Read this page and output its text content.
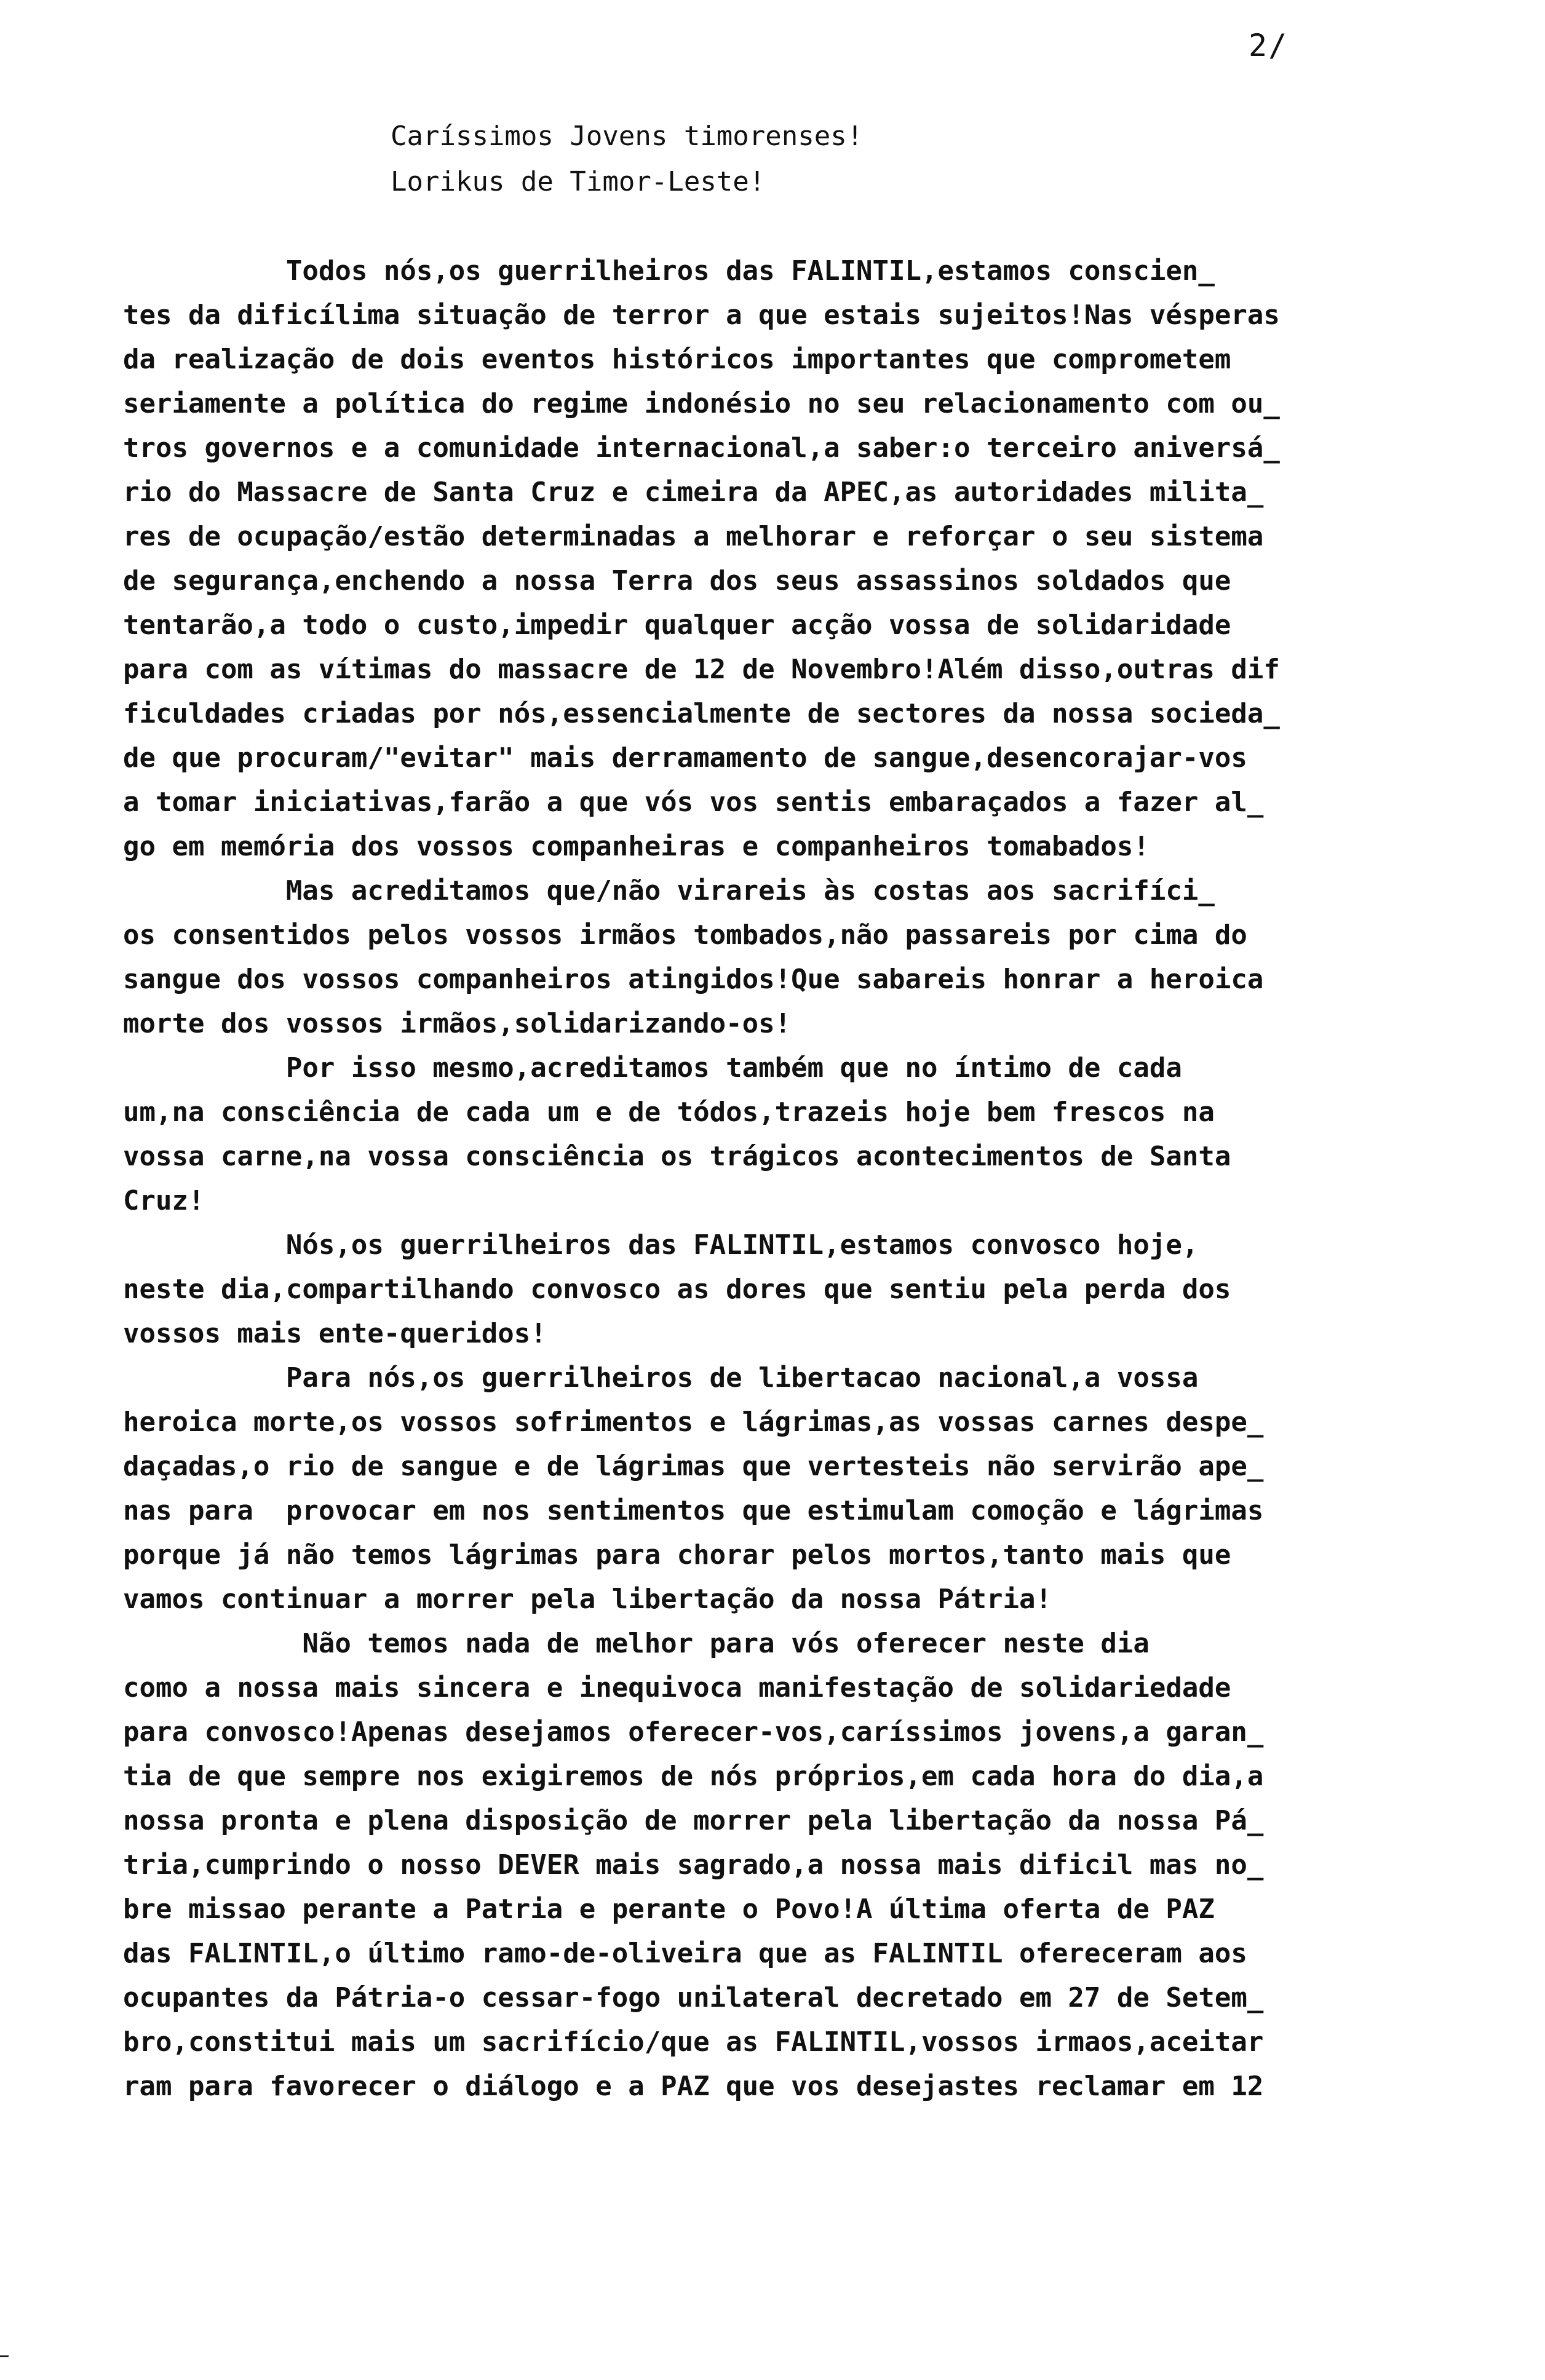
2/
Caríssimos Jovens timorenses!
Lorikus de Timor-Leste!
Todos nós,os guerrilheiros das FALINTIL,estamos conscien_
tes da dificílima situação de terror a que estais sujeitos!Nas vésperas
da realização de dois eventos históricos importantes que comprometem
seriamente a política do regime indonésio no seu relacionamento com ou_
tros governos e a comunidade internacional,a saber:o terceiro aniversá_
rio do Massacre de Santa Cruz e cimeira da APEC,as autoridades milita_
res de ocupação/estão determinadas a melhorar e reforçar o seu sistema
de segurança,enchendo a nossa Terra dos seus assassinos soldados que
tentarão,a todo o custo,impedir qualquer acção vossa de solidaridade
para com as vítimas do massacre de 12 de Novembro!Além disso,outras dif
ficuldades criadas por nós,essencialmente de sectores da nossa socieda_
de que procuram/"evitar" mais derramamento de sangue,desencorajar-vos
a tomar iniciativas,farão a que vós vos sentis embaraçados a fazer al_
go em memória dos vossos companheiras e companheiros tomabados!
Mas acreditamos que/não virareis às costas aos sacrifíci_
os consentidos pelos vossos irmãos tombados,não passareis por cima do
sangue dos vossos companheiros atingidos!Que sabareis honrar a heroica
morte dos vossos irmãos,solidarizando-os!
Por isso mesmo,acreditamos também que no íntimo de cada
um,na consciência de cada um e de tódos,trazeis hoje bem frescos na
vossa carne,na vossa consciência os trágicos acontecimentos de Santa
Cruz!
Nós,os guerrilheiros das FALINTIL,estamos convosco hoje,
neste dia,compartilhando convosco as dores que sentiu pela perda dos
vossos mais ente-queridos!
Para nós,os guerrilheiros de libertacao nacional,a vossa
heroica morte,os vossos sofrimentos e lágrimas,as vossas carnes despe_
daçadas,o rio de sangue e de lágrimas que vertesteis não servirão ape_
nas para  provocar em nos sentimentos que estimulam comoção e lágrimas
porque já não temos lágrimas para chorar pelos mortos,tanto mais que
vamos continuar a morrer pela libertação da nossa Pátria!
Não temos nada de melhor para vós oferecer neste dia
como a nossa mais sincera e inequivoca manifestação de solidariedade
para convosco!Apenas desejamos oferecer-vos,caríssimos jovens,a garan_
tia de que sempre nos exigiremos de nós próprios,em cada hora do dia,a
nossa pronta e plena disposição de morrer pela libertação da nossa Pá_
tria,cumprindo o nosso DEVER mais sagrado,a nossa mais dificil mas no_
bre missao perante a Patria e perante o Povo!A última oferta de PAZ
das FALINTIL,o último ramo-de-oliveira que as FALINTIL ofereceram aos
ocupantes da Pátria-o cessar-fogo unilateral decretado em 27 de Setem_
bro,constitui mais um sacrifício/que as FALINTIL,vossos irmaos,aceitar
ram para favorecer o diálogo e a PAZ que vos desejastes reclamar em 12
